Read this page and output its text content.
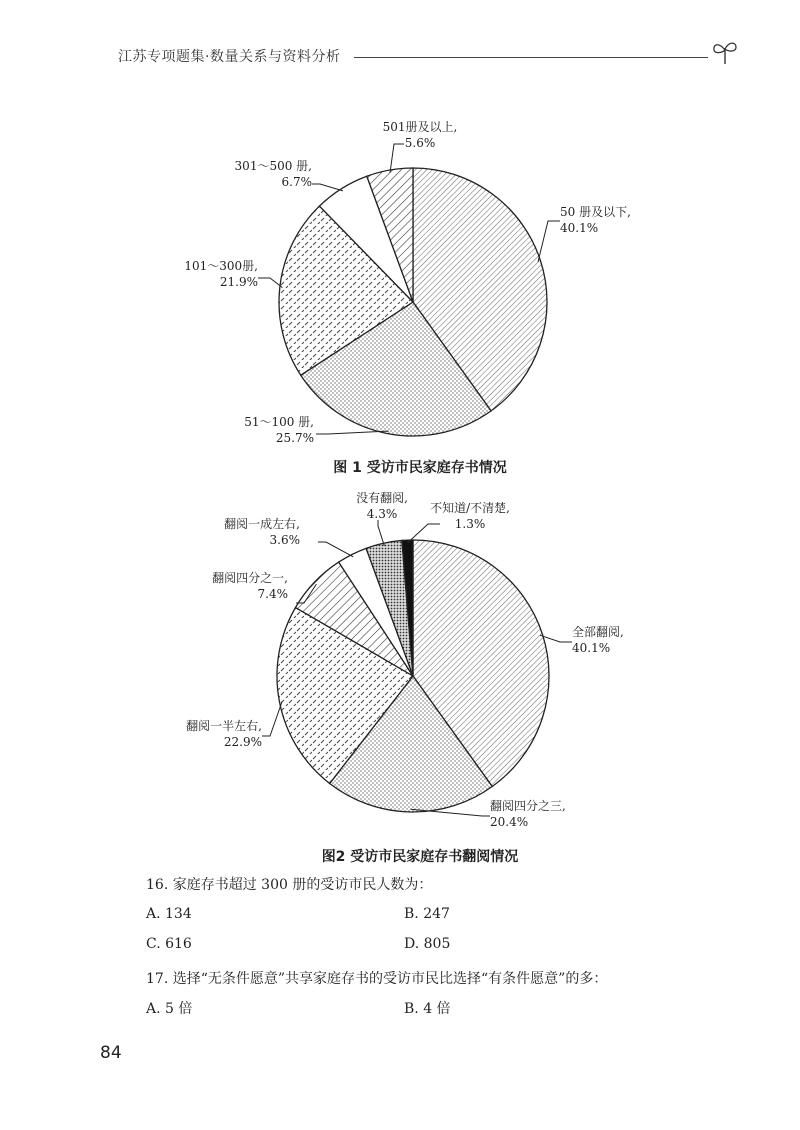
江苏专项题集·数量关系与资料分析
50 册及以下,
40.1%
51～100 册,
25.7%
101～300册,
21.9%
301～500 册,
6.7%
501册及以上,
5.6%
图 1 受访市民家庭存书情况
全部翻阅,
40.1%
翻阅四分之三,
20.4%
翻阅一半左右,
22.9%
翻阅四分之一,
7.4%
翻阅一成左右,
3.6%
没有翻阅,
4.3%	不知道/不清楚,
1.3%
图2 受访市民家庭存书翻阅情况
16. 家庭存书超过 300 册的受访市民人数为：
A. 134	B. 247
C. 616	D. 805
17. 选择“无条件愿意”共享家庭存书的受访市民比选择“有条件愿意”的多：
A. 5 倍	B. 4 倍
84
